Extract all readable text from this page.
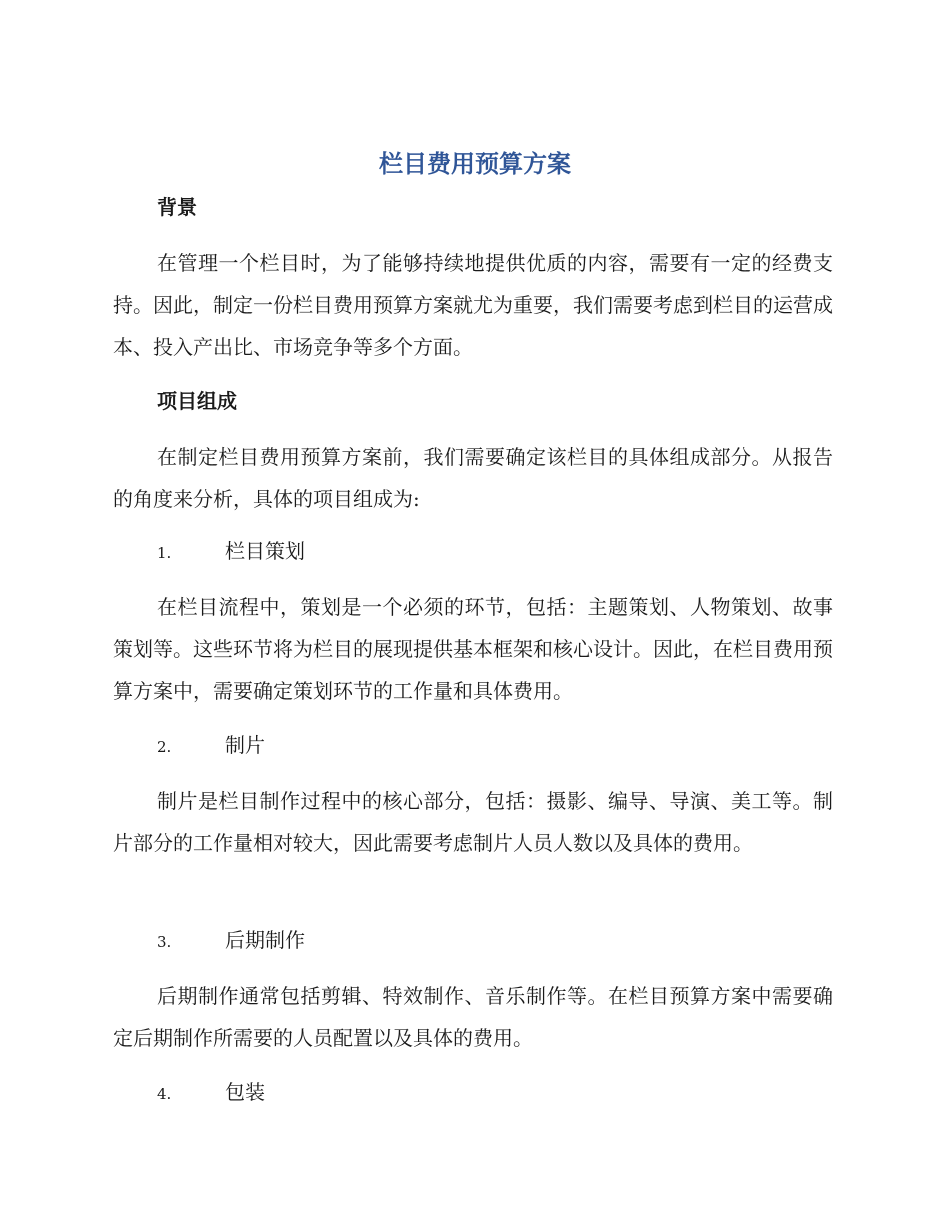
栏目费用预算方案
背景

在管理一个栏目时，为了能够持续地提供优质的内容，需要有一定的经费支持。因此，制定一份栏目费用预算方案就尤为重要，我们需要考虑到栏目的运营成本、投入产出比、市场竞争等多个方面。

项目组成

在制定栏目费用预算方案前，我们需要确定该栏目的具体组成部分。从报告的角度来分析，具体的项目组成为:

1.	栏目策划

在栏目流程中，策划是一个必须的环节，包括：主题策划、人物策划、故事策划等。这些环节将为栏目的展现提供基本框架和核心设计。因此，在栏目费用预算方案中，需要确定策划环节的工作量和具体费用。

2.	制片

制片是栏目制作过程中的核心部分，包括：摄影、编导、导演、美工等。制片部分的工作量相对较大，因此需要考虑制片人员人数以及具体的费用。

3.	后期制作

后期制作通常包括剪辑、特效制作、音乐制作等。在栏目预算方案中需要确定后期制作所需要的人员配置以及具体的费用。

4.	包装
